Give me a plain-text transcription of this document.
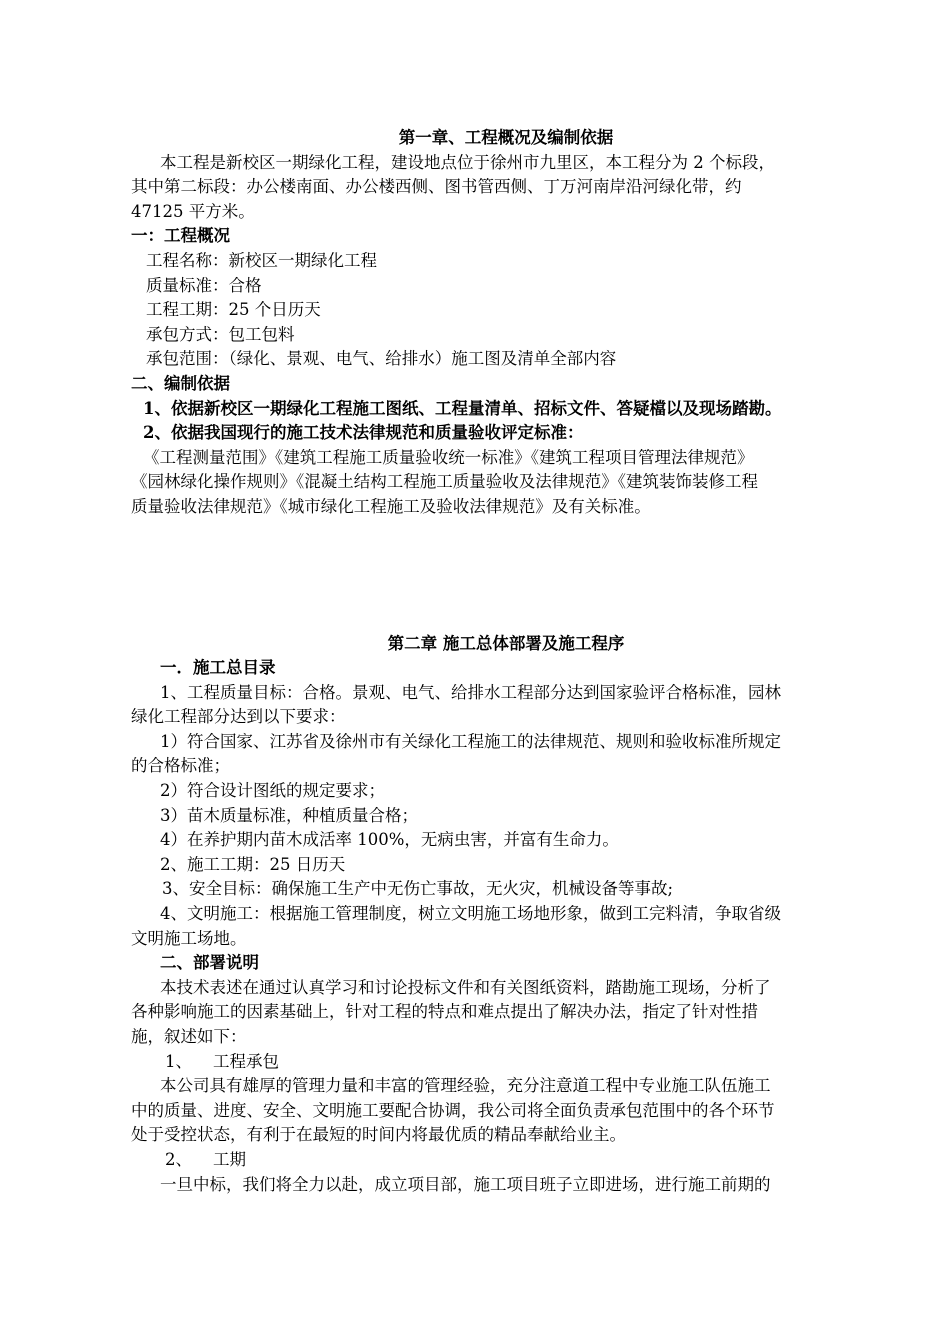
第一章、工程概况及编制依据
本工程是新校区一期绿化工程，建设地点位于徐州市九里区，本工程分为 2 个标段，
其中第二标段：办公楼南面、办公楼西侧、图书管西侧、丁万河南岸沿河绿化带，约
47125 平方米。
一：工程概况
工程名称：新校区一期绿化工程
质量标准：合格
工程工期：25 个日历天
承包方式：包工包料
承包范围：（绿化、景观、电气、给排水）施工图及清单全部内容
二、编制依据
1、依据新校区一期绿化工程施工图纸、工程量清单、招标文件、答疑檔以及现场踏勘。
2、依据我国现行的施工技术法律规范和质量验收评定标准：
《工程测量范围》《建筑工程施工质量验收统一标准》《建筑工程项目管理法律规范》
《园林绿化操作规则》《混凝土结构工程施工质量验收及法律规范》《建筑装饰装修工程
质量验收法律规范》《城市绿化工程施工及验收法律规范》及有关标准。
第二章 施工总体部署及施工程序
一．施工总目录
1、工程质量目标：合格。景观、电气、给排水工程部分达到国家验评合格标准，园林
绿化工程部分达到以下要求：
1）符合国家、江苏省及徐州市有关绿化工程施工的法律规范、规则和验收标准所规定
的合格标准；
2）符合设计图纸的规定要求；
3）苗木质量标准，种植质量合格；
4）在养护期内苗木成活率 100%，无病虫害，并富有生命力。
2、施工工期：25 日历天
3、安全目标：确保施工生产中无伤亡事故，无火灾，机械设备等事故;
4、文明施工：根据施工管理制度，树立文明施工场地形象，做到工完料清，争取省级
文明施工场地。
二、部署说明
本技术表述在通过认真学习和讨论投标文件和有关图纸资料，踏勘施工现场，分析了
各种影响施工的因素基础上，针对工程的特点和难点提出了解决办法，指定了针对性措
施，叙述如下：
1、 工程承包
本公司具有雄厚的管理力量和丰富的管理经验，充分注意道工程中专业施工队伍施工
中的质量、进度、安全、文明施工要配合协调，我公司将全面负责承包范围中的各个环节
处于受控状态，有利于在最短的时间内将最优质的精品奉献给业主。
2、 工期
一旦中标，我们将全力以赴，成立项目部，施工项目班子立即进场，进行施工前期的
